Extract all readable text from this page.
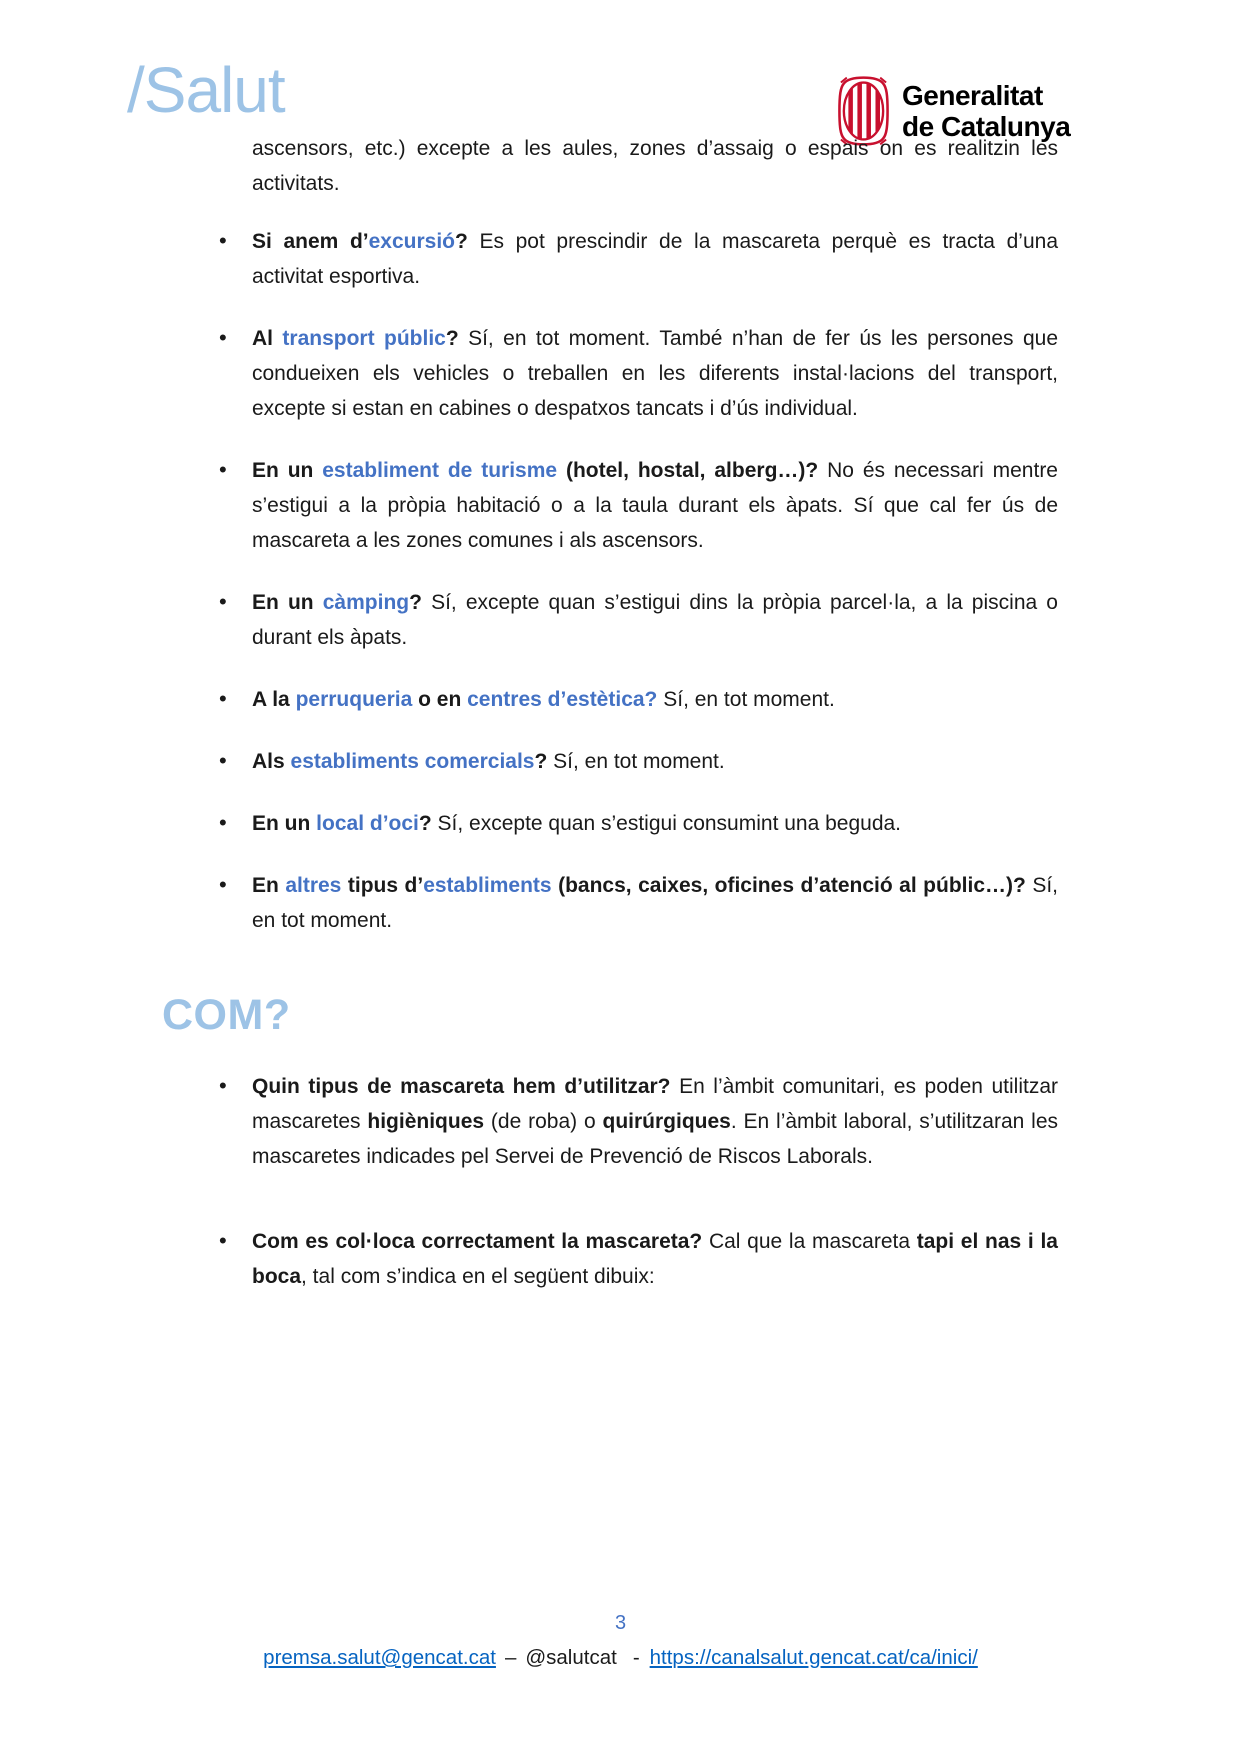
/Salut	Generalitat
de Catalunya

ascensors, etc.) excepte a les aules, zones d’assaig o espais on es realitzin les activitats.

• Si anem d’excursió? Es pot prescindir de la mascareta perquè es tracta d’una activitat esportiva.
• Al transport públic? Sí, en tot moment. També n’han de fer ús les persones que condueixen els vehicles o treballen en les diferents instal·lacions del transport, excepte si estan en cabines o despatxos tancats i d’ús individual.
• En un establiment de turisme (hotel, hostal, alberg…)? No és necessari mentre s’estigui a la pròpia habitació o a la taula durant els àpats. Sí que cal fer ús de mascareta a les zones comunes i als ascensors.
• En un càmping? Sí, excepte quan s’estigui dins la pròpia parcel·la, a la piscina o durant els àpats.
• A la perruqueria o en centres d’estètica? Sí, en tot moment.
• Als establiments comercials? Sí, en tot moment.
• En un local d’oci? Sí, excepte quan s’estigui consumint una beguda.
• En altres tipus d’establiments (bancs, caixes, oficines d’atenció al públic…)? Sí, en tot moment.
COM?
• Quin tipus de mascareta hem d’utilitzar? En l’àmbit comunitari, es poden utilitzar mascaretes higièniques (de roba) o quirúrgiques. En l’àmbit laboral, s’utilitzaran les mascaretes indicades pel Servei de Prevenció de Riscos Laborals.
• Com es col·loca correctament la mascareta? Cal que la mascareta tapi el nas i la boca, tal com s’indica en el següent dibuix:
3
premsa.salut@gencat.cat – @salutcat - https://canalsalut.gencat.cat/ca/inici/
